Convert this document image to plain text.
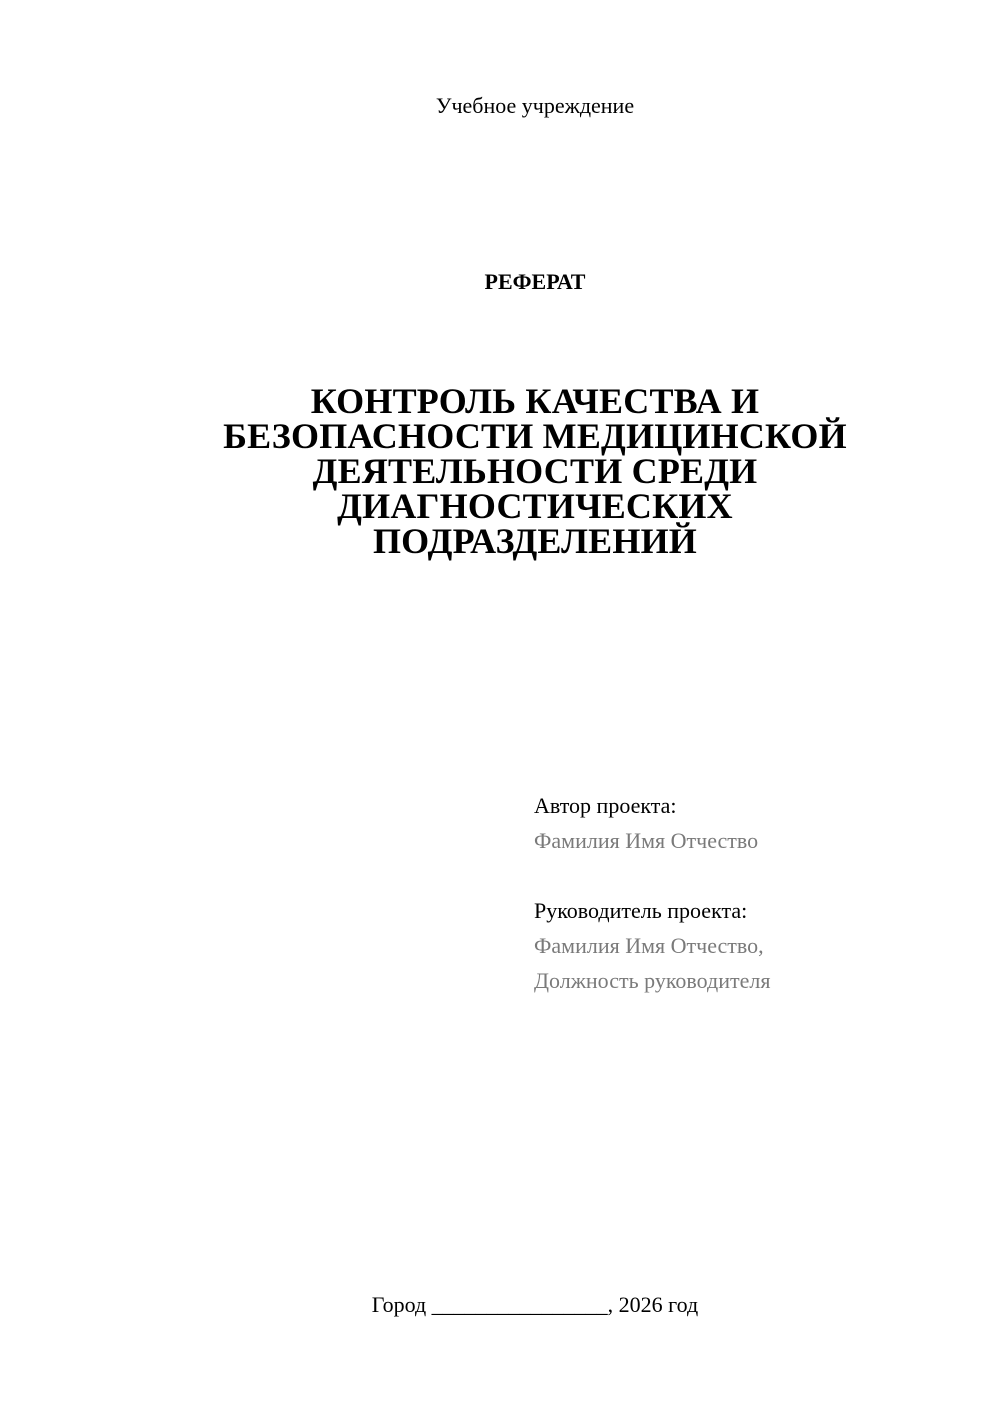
Учебное учреждение
РЕФЕРАТ
КОНТРОЛЬ КАЧЕСТВА И
БЕЗОПАСНОСТИ МЕДИЦИНСКОЙ
ДЕЯТЕЛЬНОСТИ СРЕДИ
ДИАГНОСТИЧЕСКИХ
ПОДРАЗДЕЛЕНИЙ
Автор проекта:
Фамилия Имя Отчество
Руководитель проекта:
Фамилия Имя Отчество,
Должность руководителя
Город ________________, 2026 год
